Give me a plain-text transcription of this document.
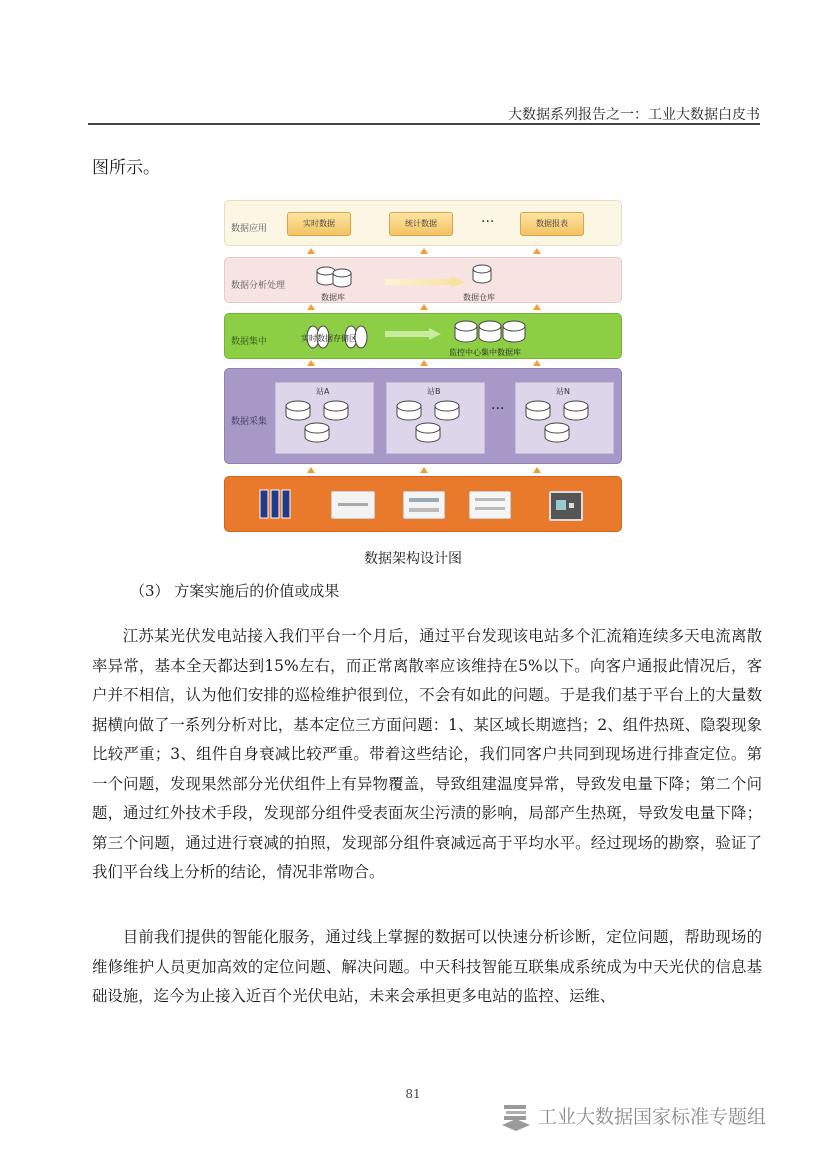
大数据系列报告之一：工业大数据白皮书
图所示。
数据应用
实时数据	统计数据	···	数据报表
数据分析处理
数据库	数据仓库
数据集中	实时数据存储区
监控中心集中数据库
数据采集
站A	站B
···
站N
数据架构设计图
（3） 方案实施后的价值或成果

江苏某光伏发电站接入我们平台一个月后，通过平台发现该电站多个汇流箱连续多天电流离散率异常，基本全天都达到15%左右，而正常离散率应该维持在5%以下。向客户通报此情况后，客户并不相信，认为他们安排的巡检维护很到位，不会有如此的问题。于是我们基于平台上的大量数据横向做了一系列分析对比，基本定位三方面问题：1、某区域长期遮挡；2、组件热斑、隐裂现象比较严重；3、组件自身衰减比较严重。带着这些结论，我们同客户共同到现场进行排查定位。第一个问题，发现果然部分光伏组件上有异物覆盖，导致组建温度异常，导致发电量下降；第二个问题，通过红外技术手段，发现部分组件受表面灰尘污渍的影响，局部产生热斑，导致发电量下降；第三个问题，通过进行衰减的拍照，发现部分组件衰减远高于平均水平。经过现场的勘察，验证了我们平台线上分析的结论，情况非常吻合。

目前我们提供的智能化服务，通过线上掌握的数据可以快速分析诊断，定位问题，帮助现场的维修维护人员更加高效的定位问题、解决问题。中天科技智能互联集成系统成为中天光伏的信息基础设施，迄今为止接入近百个光伏电站，未来会承担更多电站的监控、运维、

81
工业大数据国家标准专题组
